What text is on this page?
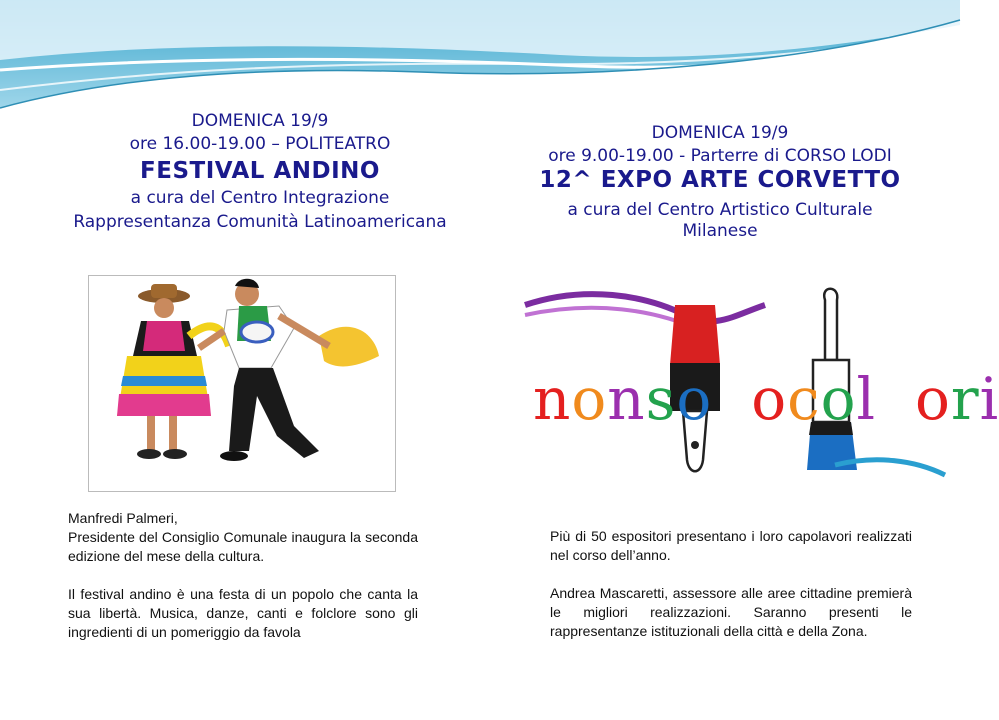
DOMENICA 19/9
ore 16.00-19.00 – POLITEATRO
FESTIVAL ANDINO
a cura del Centro Integrazione
Rappresentanza Comunità Latinoamericana
DOMENICA 19/9
ore 9.00-19.00 - Parterre di CORSO LODI
12^ EXPO ARTE CORVETTO
a cura del Centro Artistico Culturale
Milanese
nonso ocol ori

Manfredi Palmeri,
Presidente del Consiglio Comunale inaugura la seconda edizione del mese della cultura.

Il festival andino è una festa di un popolo che canta la sua libertà. Musica, danze, canti e folclore sono gli ingredienti di un pomeriggio da favola

Più di 50 espositori presentano i loro capolavori realizzati nel corso dell’anno.

Andrea Mascaretti, assessore alle aree cittadine premierà le migliori realizzazioni. Saranno presenti le rappresentanze istituzionali della città e della Zona.
